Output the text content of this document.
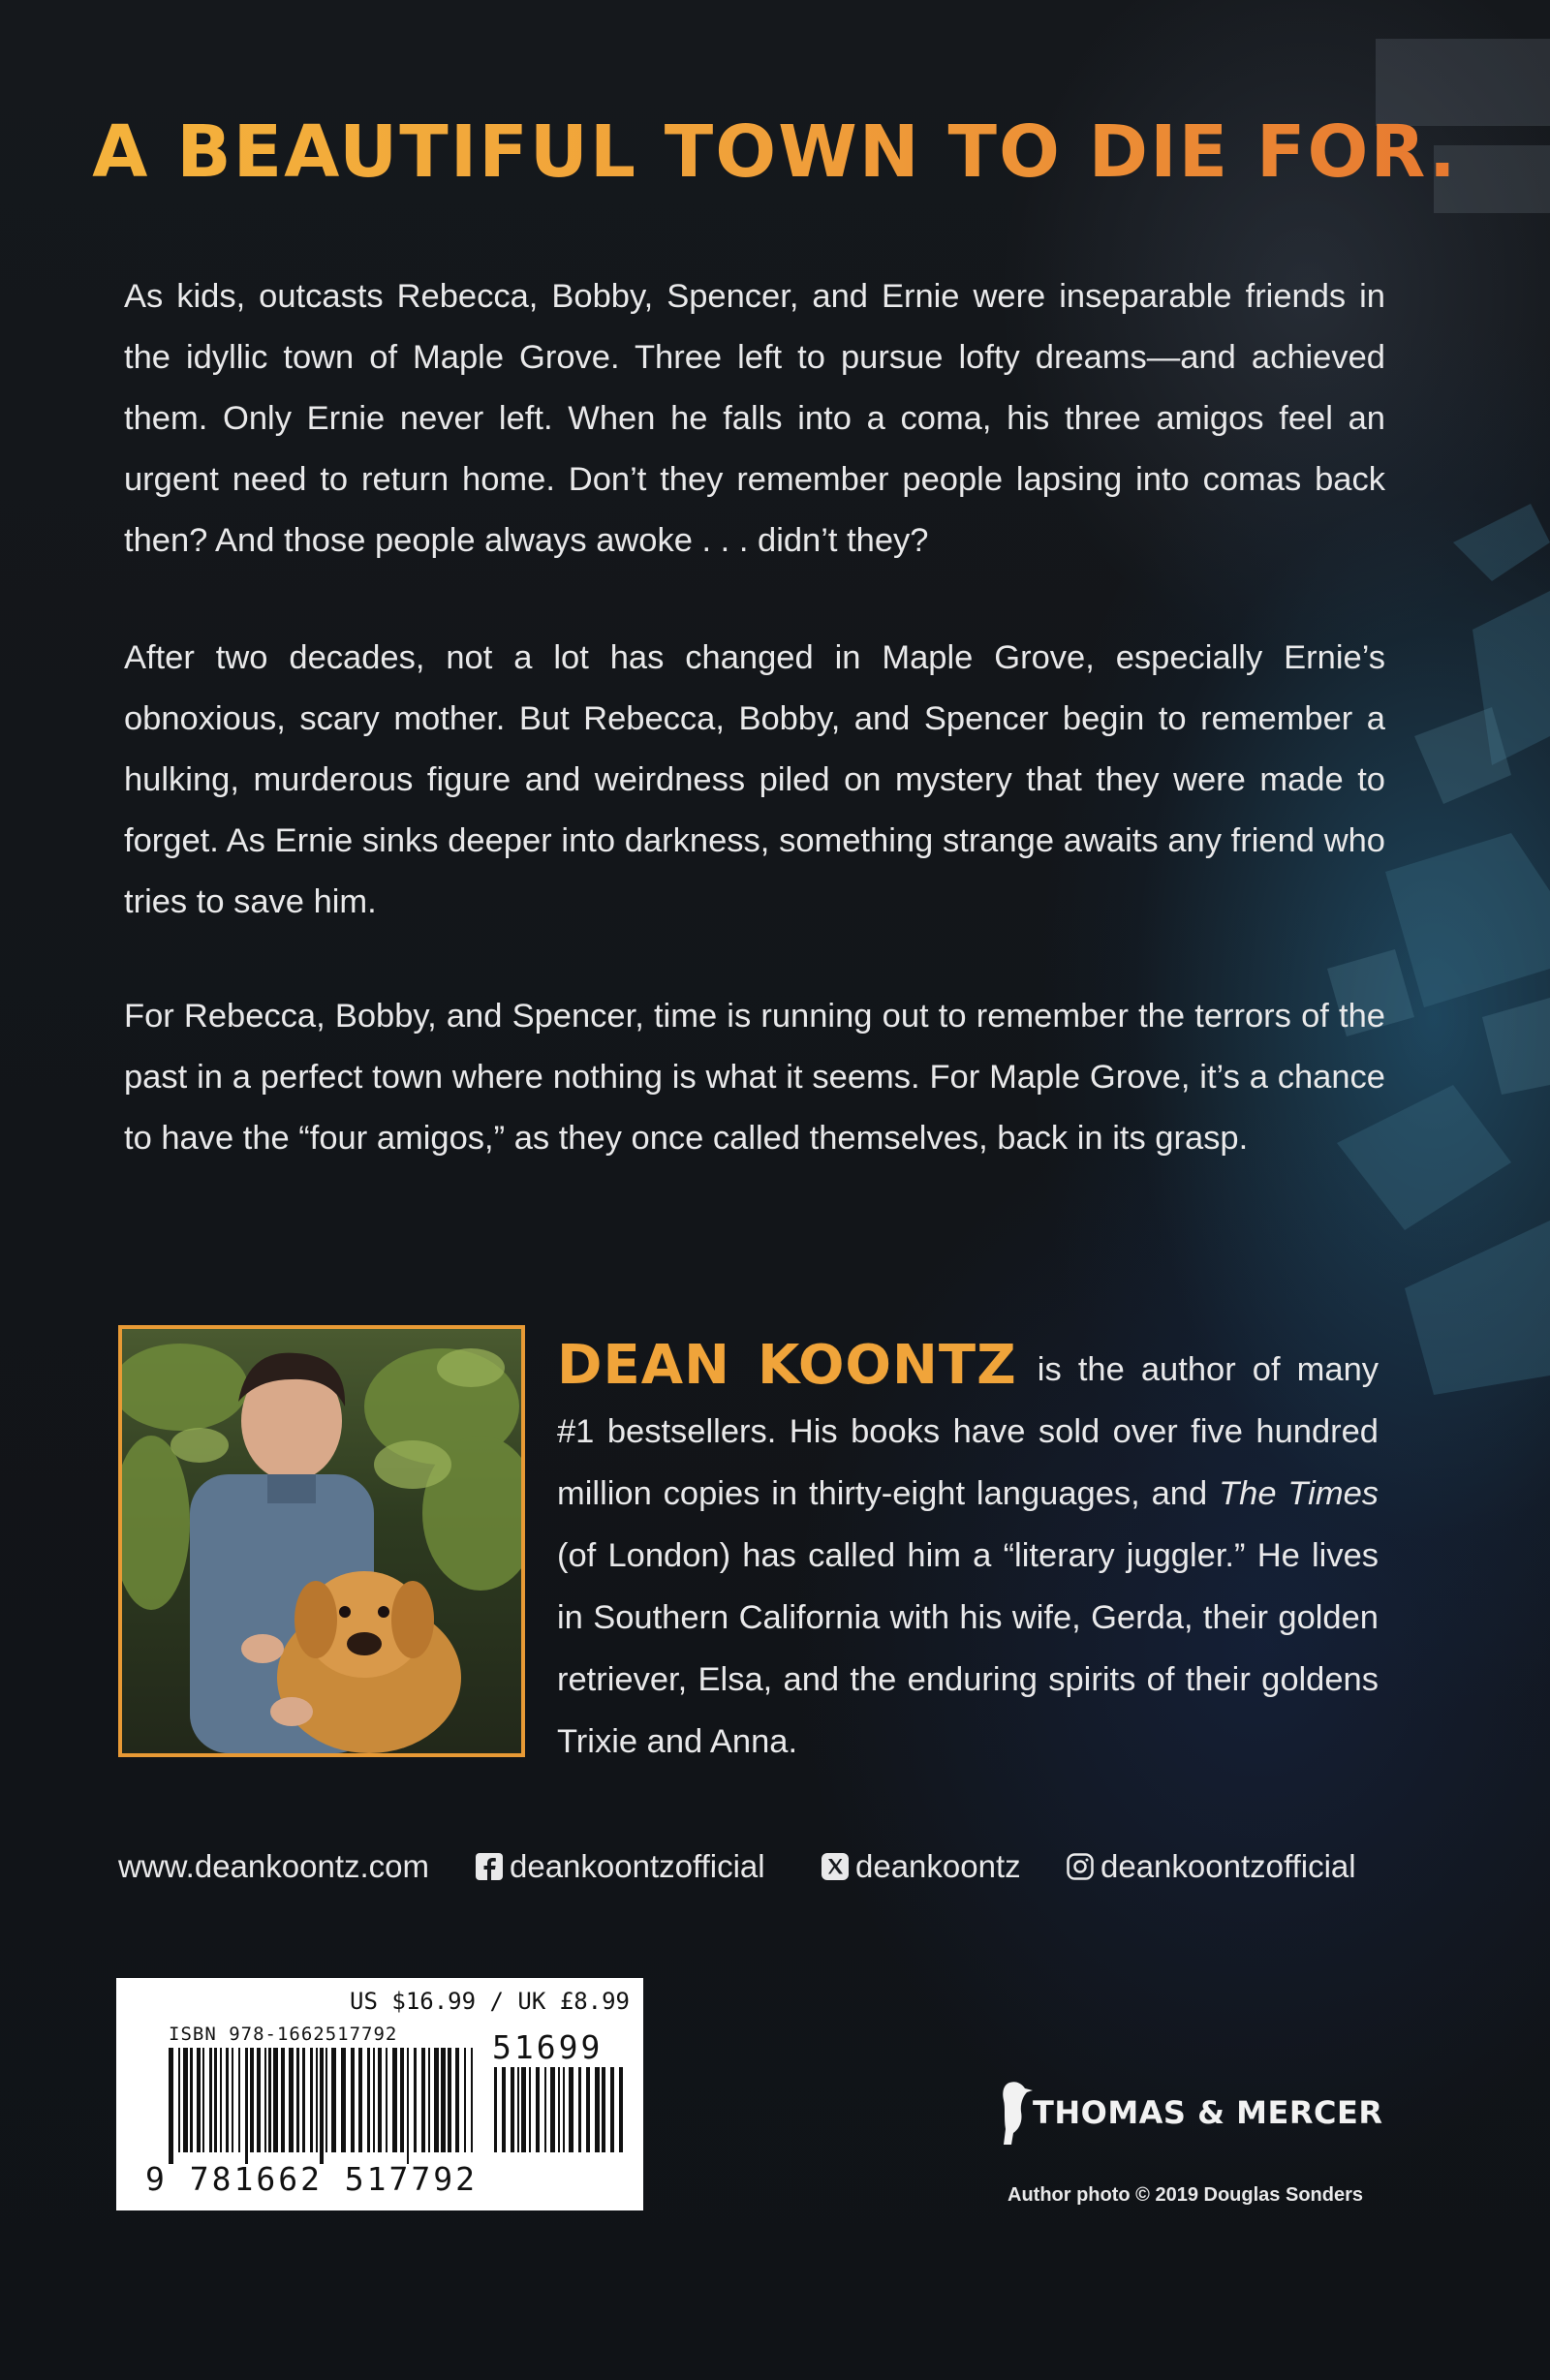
A BEAUTIFUL TOWN TO DIE FOR.

As kids, outcasts Rebecca, Bobby, Spencer, and Ernie were inseparable friends in the idyllic town of Maple Grove. Three left to pursue lofty dreams—and achieved them. Only Ernie never left. When he falls into a coma, his three amigos feel an urgent need to return home. Don’t they remember people lapsing into comas back then? And those people always awoke . . . didn’t they?

After two decades, not a lot has changed in Maple Grove, especially Ernie’s obnoxious, scary mother. But Rebecca, Bobby, and Spencer begin to remember a hulking, murderous figure and weirdness piled on mystery that they were made to forget. As Ernie sinks deeper into darkness, something strange awaits any friend who tries to save him.

For Rebecca, Bobby, and Spencer, time is running out to remember the terrors of the past in a perfect town where nothing is what it seems. For Maple Grove, it’s a chance to have the “four amigos,” as they once called themselves, back in its grasp.

DEAN KOONTZ is the author of many #1 bestsellers. His books have sold over five hundred million copies in thirty-eight languages, and The Times (of London) has called him a “literary juggler.” He lives in Southern California with his wife, Gerda, their golden retriever, Elsa, and the enduring spirits of their goldens Trixie and Anna.

www.deankoontz.com	deankoontzofficial	deankoontz deankoontzofficial
US $16.99 / UK £8.99
ISBN 978-1662517792	51699
9 781662 517792
THOMAS & MERCER
Author photo © 2019 Douglas Sonders
